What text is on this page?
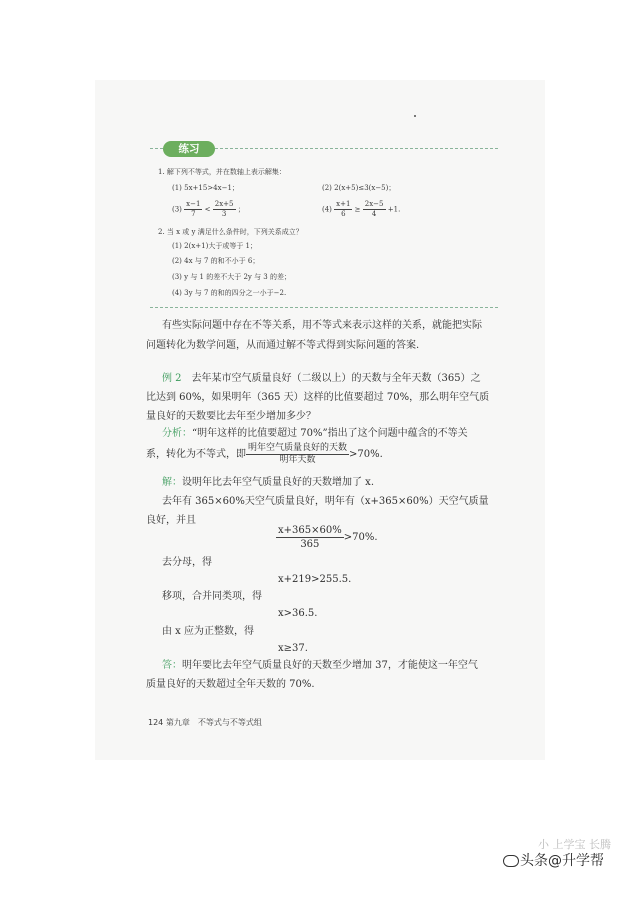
练习
1. 解下列不等式，并在数轴上表示解集：
(1) 5x+15>4x−1；	(2) 2(x+5)≤3(x−5)；
$(3) \frac{x-1}{7} < \frac{2x+5}{3}$ ；	$(4) \frac{x+1}{6} \ge \frac{2x-5}{4} +1$.
2. 当 x 或 y 满足什么条件时，下列关系成立？
(1) 2(x+1)大于或等于 1；
(2) 4x 与 7 的和不小于 6；
(3) y 与 1 的差不大于 2y 与 3 的差；
(4) 3y 与 7 的和的四分之一小于−2.
有些实际问题中存在不等关系，用不等式来表示这样的关系，就能把实际
问题转化为数学问题，从而通过解不等式得到实际问题的答案.
例 2　 去年某市空气质量良好（二级以上）的天数与全年天数（365）之
比达到 60%，如果明年（365 天）这样的比值要超过 70%，那么明年空气质
量良好的天数要比去年至少增加多少？
分析：“明年这样的比值要超过 70%”指出了这个问题中蕴含的不等关
系，转化为不等式，即 $\frac{\text{明年空气质量良好的天数}}{\text{明年天数}} >70\%$.
解：设明年比去年空气质量良好的天数增加了 x.
去年有 365×60%天空气质量良好，明年有（x+365×60%）天空气质量
良好，并且
$\frac{x+365\times 60\%}{365} >70\%$.
去分母，得
x+219>255.5.
移项，合并同类项，得
x>36.5.
由 x 应为正整数，得
x≥37.
答：明年要比去年空气质量良好的天数至少增加 37，才能使这一年空气
质量良好的天数超过全年天数的 70%.
124 第九章　不等式与不等式组
小 上学宝 长腾
头条@升学帮
